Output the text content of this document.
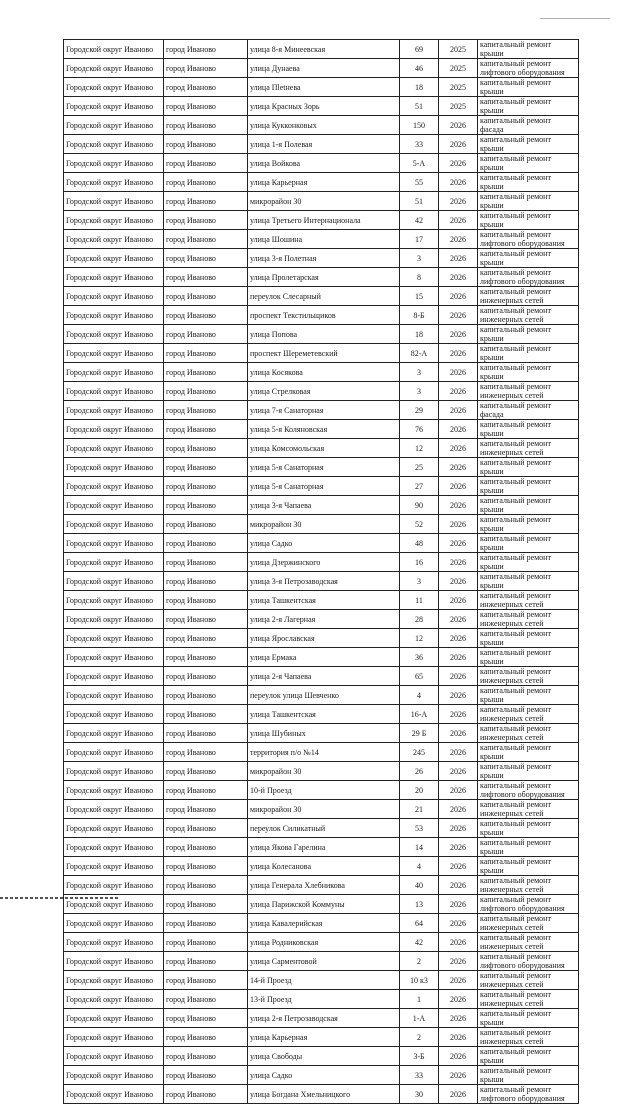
Городской округ Иваново	город Иваново	улица 8-я Минеевская	69	2025	капитальный ремонт крыши
Городской округ Иваново	город Иваново	улица Дунаева	46	2025	капитальный ремонт лифтового оборудования
Городской округ Иваново	город Иваново	улица Пletнева	18	2025	капитальный ремонт крыши
Городской округ Иваново	город Иваново	улица Красных Зорь	51	2025	капитальный ремонт крыши
Городской округ Иваново	город Иваново	улица Кукконковых	150	2026	капитальный ремонт фасада
Городской округ Иваново	город Иваново	улица 1-я Полевая	33	2026	капитальный ремонт крыши
Городской округ Иваново	город Иваново	улица Войкова	5-А	2026	капитальный ремонт крыши
Городской округ Иваново	город Иваново	улица Карьерная	55	2026	капитальный ремонт крыши
Городской округ Иваново	город Иваново	микрорайон 30	51	2026	капитальный ремонт крыши
Городской округ Иваново	город Иваново	улица Третьего Интернационала	42	2026	капитальный ремонт крыши
Городской округ Иваново	город Иваново	улица Шошина	17	2026	капитальный ремонт лифтового оборудования
Городской округ Иваново	город Иваново	улица 3-я Полетная	3	2026	капитальный ремонт крыши
Городской округ Иваново	город Иваново	улица Пролетарская	8	2026	капитальный ремонт лифтового оборудования
Городской округ Иваново	город Иваново	переулок Слесарный	15	2026	капитальный ремонт инженерных сетей
Городской округ Иваново	город Иваново	проспект Текстильщиков	8-Б	2026	капитальный ремонт инженерных сетей
Городской округ Иваново	город Иваново	улица Попова	18	2026	капитальный ремонт крыши
Городской округ Иваново	город Иваново	проспект Шереметевский	82-А	2026	капитальный ремонт крыши
Городской округ Иваново	город Иваново	улица Косякова	3	2026	капитальный ремонт крыши
Городской округ Иваново	город Иваново	улица Стрелковая	3	2026	капитальный ремонт инженерных сетей
Городской округ Иваново	город Иваново	улица 7-я Санаторная	29	2026	капитальный ремонт фасада
Городской округ Иваново	город Иваново	улица 5-я Коляновская	76	2026	капитальный ремонт крыши
Городской округ Иваново	город Иваново	улица Комсомольская	12	2026	капитальный ремонт инженерных сетей
Городской округ Иваново	город Иваново	улица 5-я Санаторная	25	2026	капитальный ремонт крыши
Городской округ Иваново	город Иваново	улица 5-я Санаторная	27	2026	капитальный ремонт крыши
Городской округ Иваново	город Иваново	улица 3-я Чапаева	90	2026	капитальный ремонт крыши
Городской округ Иваново	город Иваново	микрорайон 30	52	2026	капитальный ремонт крыши
Городской округ Иваново	город Иваново	улица Садко	48	2026	капитальный ремонт крыши
Городской округ Иваново	город Иваново	улица Дзержинского	16	2026	капитальный ремонт крыши
Городской округ Иваново	город Иваново	улица 3-я Петрозаводская	3	2026	капитальный ремонт крыши
Городской округ Иваново	город Иваново	улица Ташкентская	11	2026	капитальный ремонт инженерных сетей
Городской округ Иваново	город Иваново	улица 2-я Лагерная	28	2026	капитальный ремонт инженерных сетей
Городской округ Иваново	город Иваново	улица Ярославская	12	2026	капитальный ремонт крыши
Городской округ Иваново	город Иваново	улица Ермака	36	2026	капитальный ремонт крыши
Городской округ Иваново	город Иваново	улица 2-я Чапаева	65	2026	капитальный ремонт инженерных сетей
Городской округ Иваново	город Иваново	переулок улица Шевченко	4	2026	капитальный ремонт крыши
Городской округ Иваново	город Иваново	улица Ташкентская	16-А	2026	капитальный ремонт инженерных сетей
Городской округ Иваново	город Иваново	улица Шубиных	29 Б	2026	капитальный ремонт инженерных сетей
Городской округ Иваново	город Иваново	территория п/о №14	245	2026	капитальный ремонт крыши
Городской округ Иваново	город Иваново	микрорайон 30	26	2026	капитальный ремонт крыши
Городской округ Иваново	город Иваново	10-й Проезд	20	2026	капитальный ремонт лифтового оборудования
Городской округ Иваново	город Иваново	микрорайон 30	21	2026	капитальный ремонт инженерных сетей
Городской округ Иваново	город Иваново	переулок Силикатный	53	2026	капитальный ремонт крыши
Городской округ Иваново	город Иваново	улица Якова Гарелина	14	2026	капитальный ремонт крыши
Городской округ Иваново	город Иваново	улица Колесанова	4	2026	капитальный ремонт крыши
Городской округ Иваново	город Иваново	улица Генерала Хлебникова	40	2026	капитальный ремонт инженерных сетей
Городской округ Иваново	город Иваново	улица Парижской Коммуны	13	2026	капитальный ремонт лифтового оборудования
Городской округ Иваново	город Иваново	улица Кавалерийская	64	2026	капитальный ремонт инженерных сетей
Городской округ Иваново	город Иваново	улица Родниковская	42	2026	капитальный ремонт инженерных сетей
Городской округ Иваново	город Иваново	улица Сарментовой	2	2026	капитальный ремонт лифтового оборудования
Городской округ Иваново	город Иваново	14-й Проезд	10 к3	2026	капитальный ремонт инженерных сетей
Городской округ Иваново	город Иваново	13-й Проезд	1	2026	капитальный ремонт инженерных сетей
Городской округ Иваново	город Иваново	улица 2-я Петрозаводская	1-А	2026	капитальный ремонт крыши
Городской округ Иваново	город Иваново	улица Карьерная	2	2026	капитальный ремонт инженерных сетей
Городской округ Иваново	город Иваново	улица Свободы	3-Б	2026	капитальный ремонт крыши
Городской округ Иваново	город Иваново	улица Садко	33	2026	капитальный ремонт крыши
Городской округ Иваново	город Иваново	улица Богдана Хмельницкого	30	2026	капитальный ремонт лифтового оборудования
